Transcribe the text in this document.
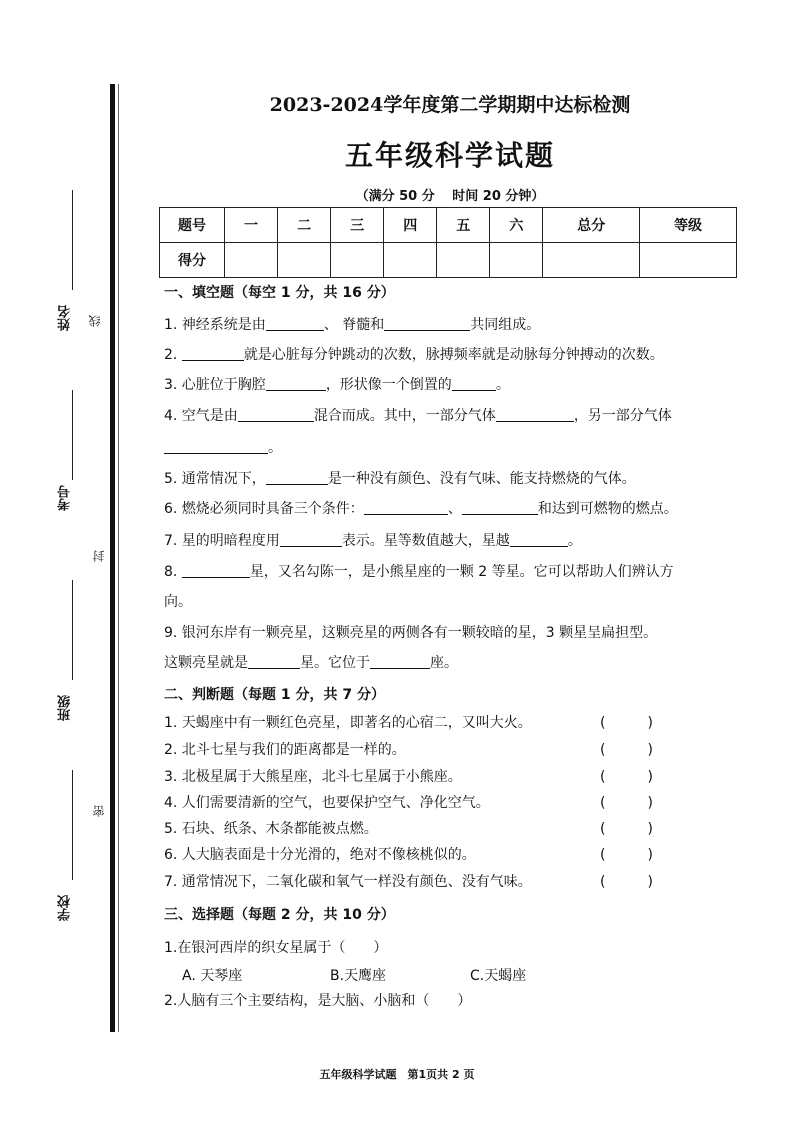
姓名 线
考号
封
班级
密
学校
2023-2024学年度第二学期期中达标检测
五年级科学试题
（满分 50 分　 时间 20 分钟）
题号	一	二	三	四	五	六	总分	等级
得分								
一、填空题（每空 1 分，共 16 分）
1. 神经系统是由	、 脊髓和	共同组成。
2.	就是心脏每分钟跳动的次数，脉搏频率就是动脉每分钟搏动的次数。
3. 心脏位于胸腔	，形状像一个倒置的	。
4. 空气是由	混合而成。其中，一部分气体	，另一部分气体
。
5. 通常情况下，	是一种没有颜色、没有气味、能支持燃烧的气体。
6. 燃烧必须同时具备三个条件：	、	和达到可燃物的燃点。
7. 星的明暗程度用	表示。星等数值越大，星越	。
8.	星，又名勾陈一，是小熊星座的一颗 2 等星。它可以帮助人们辨认方
向。
9. 银河东岸有一颗亮星，这颗亮星的两侧各有一颗较暗的星，3 颗星呈扁担型。
这颗亮星就是	星。它位于	座。
二、判断题（每题 1 分，共 7 分）
1. 天蝎座中有一颗红色亮星，即著名的心宿二，又叫大火。	(　　　)
2. 北斗七星与我们的距离都是一样的。	(　　　)
3. 北极星属于大熊星座，北斗七星属于小熊座。	(　　　)
4. 人们需要清新的空气，也要保护空气、净化空气。	(　　　)
5. 石块、纸条、木条都能被点燃。	(　　　)
6. 人大脑表面是十分光滑的，绝对不像核桃似的。	(　　　)
7. 通常情况下，二氧化碳和氧气一样没有颜色、没有气味。	(　　　)
三、选择题（每题 2 分，共 10 分）
1.在银河西岸的织女星属于（　　）
A. 天琴座	B.天鹰座	C.天蝎座
2.人脑有三个主要结构，是大脑、小脑和（　　）
五年级科学试题　第1页共 2 页
